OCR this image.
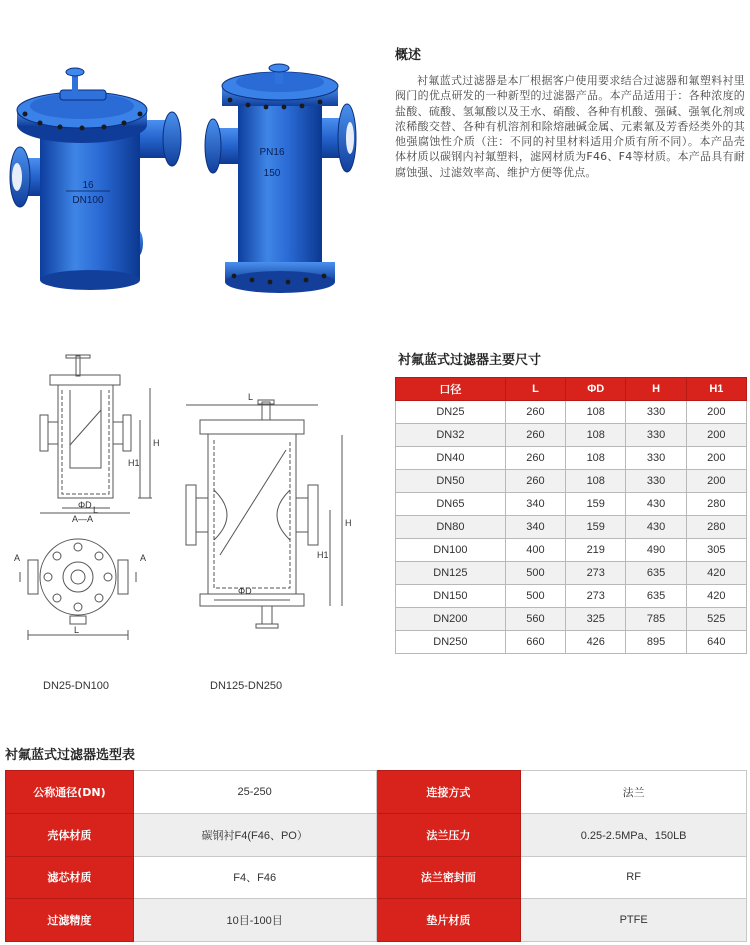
16
DN100
PN16
150
概述

衬氟蓝式过滤器是本厂根据客户使用要求结合过滤器和氟塑料衬里阀门的优点研发的一种新型的过滤器产品。本产品适用于：各种浓度的盐酸、硫酸、氢氟酸以及王水、硝酸、各种有机酸、强碱、强氧化剂或浓稀酸交替、各种有机溶剂和除熔融碱金属、元素氟及芳香烃类外的其他强腐蚀性介质（注：不同的衬里材料适用介质有所不同）。本产品壳体材质以碳钢内衬氟塑料，滤网材质为F46、F4等材质。本产品具有耐腐蚀强、过滤效率高、维护方便等优点。

DN25-DN100	DN125-DN250
L
H
H1
ΦD
A—A
A	A
L
L
H
H1
ΦD
衬氟蓝式过滤器主要尺寸
口径	L	ΦD	H	H1
DN25	260	108	330	200
DN32	260	108	330	200
DN40	260	108	330	200
DN50	260	108	330	200
DN65	340	159	430	280
DN80	340	159	430	280
DN100	400	219	490	305
DN125	500	273	635	420
DN150	500	273	635	420
DN200	560	325	785	525
DN250	660	426	895	640
衬氟蓝式过滤器选型表
公称通径(DN)	25-250	连接方式	法兰
壳体材质	碳钢衬F4(F46、PO）	法兰压力	0.25-2.5MPa、150LB
滤芯材质	F4、F46	法兰密封面	RF
过滤精度	10目-100目	垫片材质	PTFE
